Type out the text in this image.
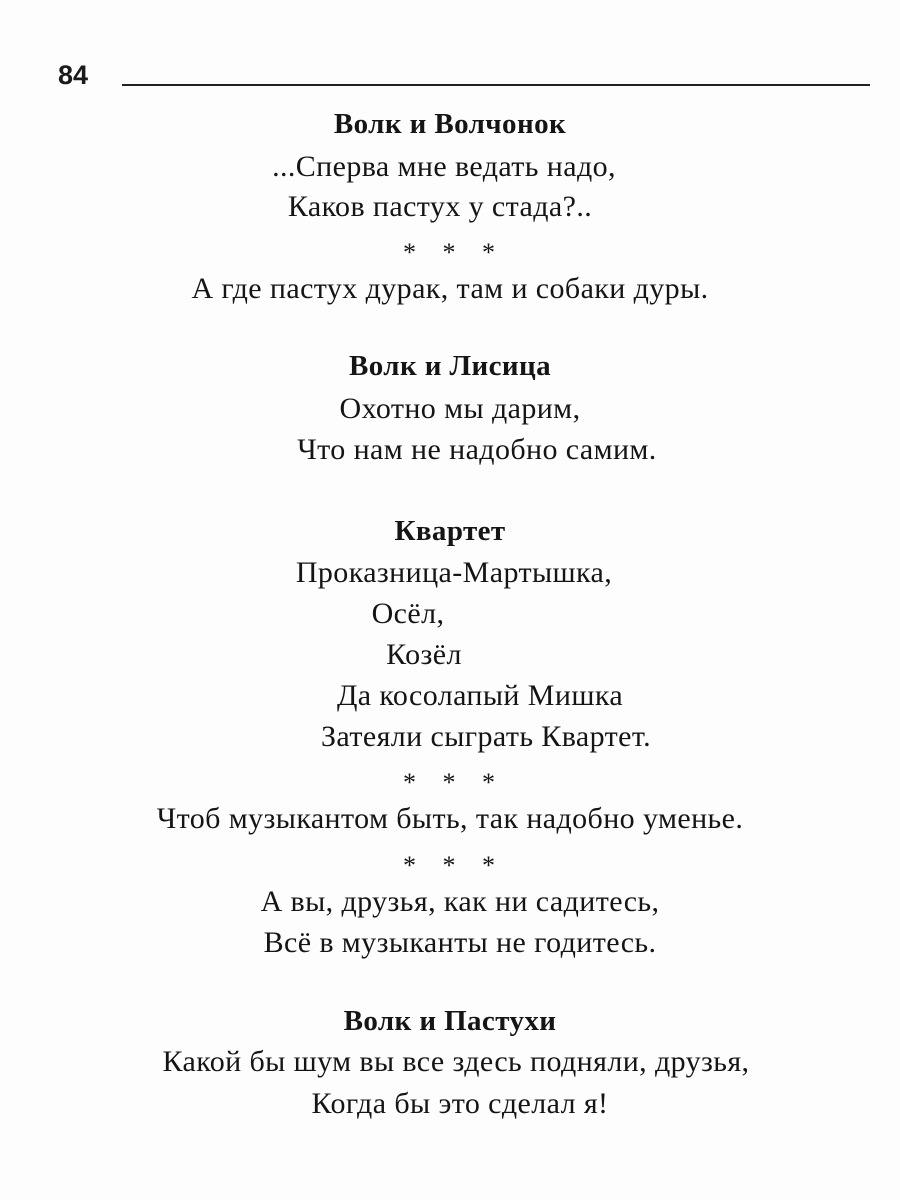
84
Волк и Волчонок
...Сперва мне ведать надо,
Каков пастух у стада?..
* * *
А где пастух дурак, там и собаки дуры.
Волк и Лисица
Охотно мы дарим,
Что нам не надобно самим.
Квартет
Проказница-Мартышка,
Осёл,
Козёл
Да косолапый Мишка
Затеяли сыграть Квартет.
* * *
Чтоб музыкантом быть, так надобно уменье.
* * *
А вы, друзья, как ни садитесь,
Всё в музыканты не годитесь.
Волк и Пастухи
Какой бы шум вы все здесь подняли, друзья,
Когда бы это сделал я!
